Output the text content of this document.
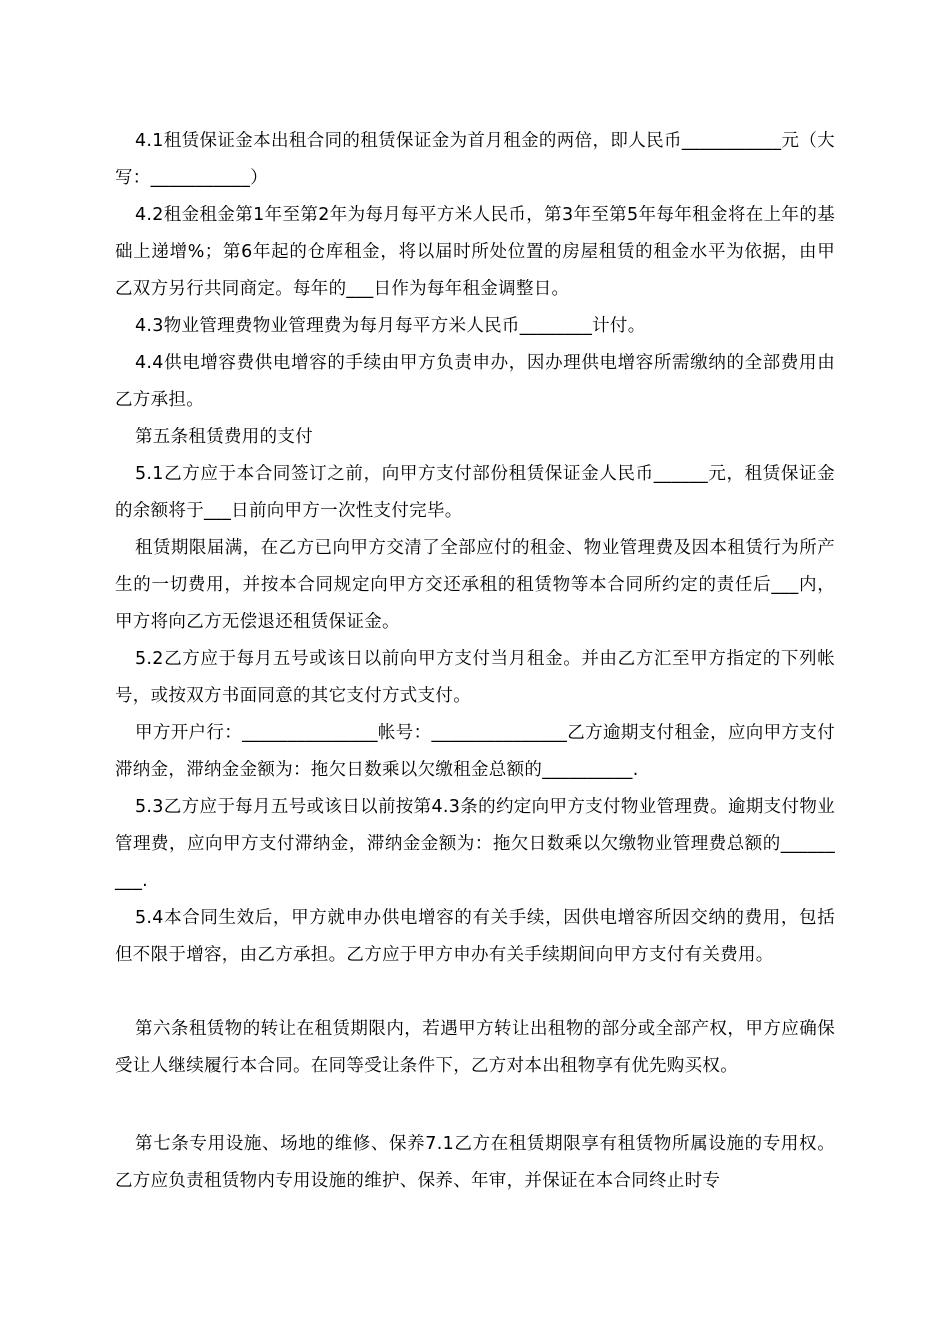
4.1租赁保证金本出租合同的租赁保证金为首月租金的两倍，即人民币___________元（大写：___________）

4.2租金租金第1年至第2年为每月每平方米人民币，第3年至第5年每年租金将在上年的基础上递增%；第6年起的仓库租金，将以届时所处位置的房屋租赁的租金水平为依据，由甲乙双方另行共同商定。每年的___日作为每年租金调整日。

4.3物业管理费物业管理费为每月每平方米人民币________计付。

4.4供电增容费供电增容的手续由甲方负责申办，因办理供电增容所需缴纳的全部费用由乙方承担。

第五条租赁费用的支付

5.1乙方应于本合同签订之前，向甲方支付部份租赁保证金人民币______元，租赁保证金的余额将于___日前向甲方一次性支付完毕。

租赁期限届满，在乙方已向甲方交清了全部应付的租金、物业管理费及因本租赁行为所产生的一切费用，并按本合同规定向甲方交还承租的租赁物等本合同所约定的责任后___内，甲方将向乙方无偿退还租赁保证金。

5.2乙方应于每月五号或该日以前向甲方支付当月租金。并由乙方汇至甲方指定的下列帐号，或按双方书面同意的其它支付方式支付。

甲方开户行：_______________帐号：_______________乙方逾期支付租金，应向甲方支付滞纳金，滞纳金金额为：拖欠日数乘以欠缴租金总额的__________.

5.3乙方应于每月五号或该日以前按第4.3条的约定向甲方支付物业管理费。逾期支付物业管理费，应向甲方支付滞纳金，滞纳金金额为：拖欠日数乘以欠缴物业管理费总额的_________.

5.4本合同生效后，甲方就申办供电增容的有关手续，因供电增容所因交纳的费用，包括但不限于增容，由乙方承担。乙方应于甲方申办有关手续期间向甲方支付有关费用。

第六条租赁物的转让在租赁期限内，若遇甲方转让出租物的部分或全部产权，甲方应确保受让人继续履行本合同。在同等受让条件下，乙方对本出租物享有优先购买权。

第七条专用设施、场地的维修、保养7.1乙方在租赁期限享有租赁物所属设施的专用权。乙方应负责租赁物内专用设施的维护、保养、年审，并保证在本合同终止时专
